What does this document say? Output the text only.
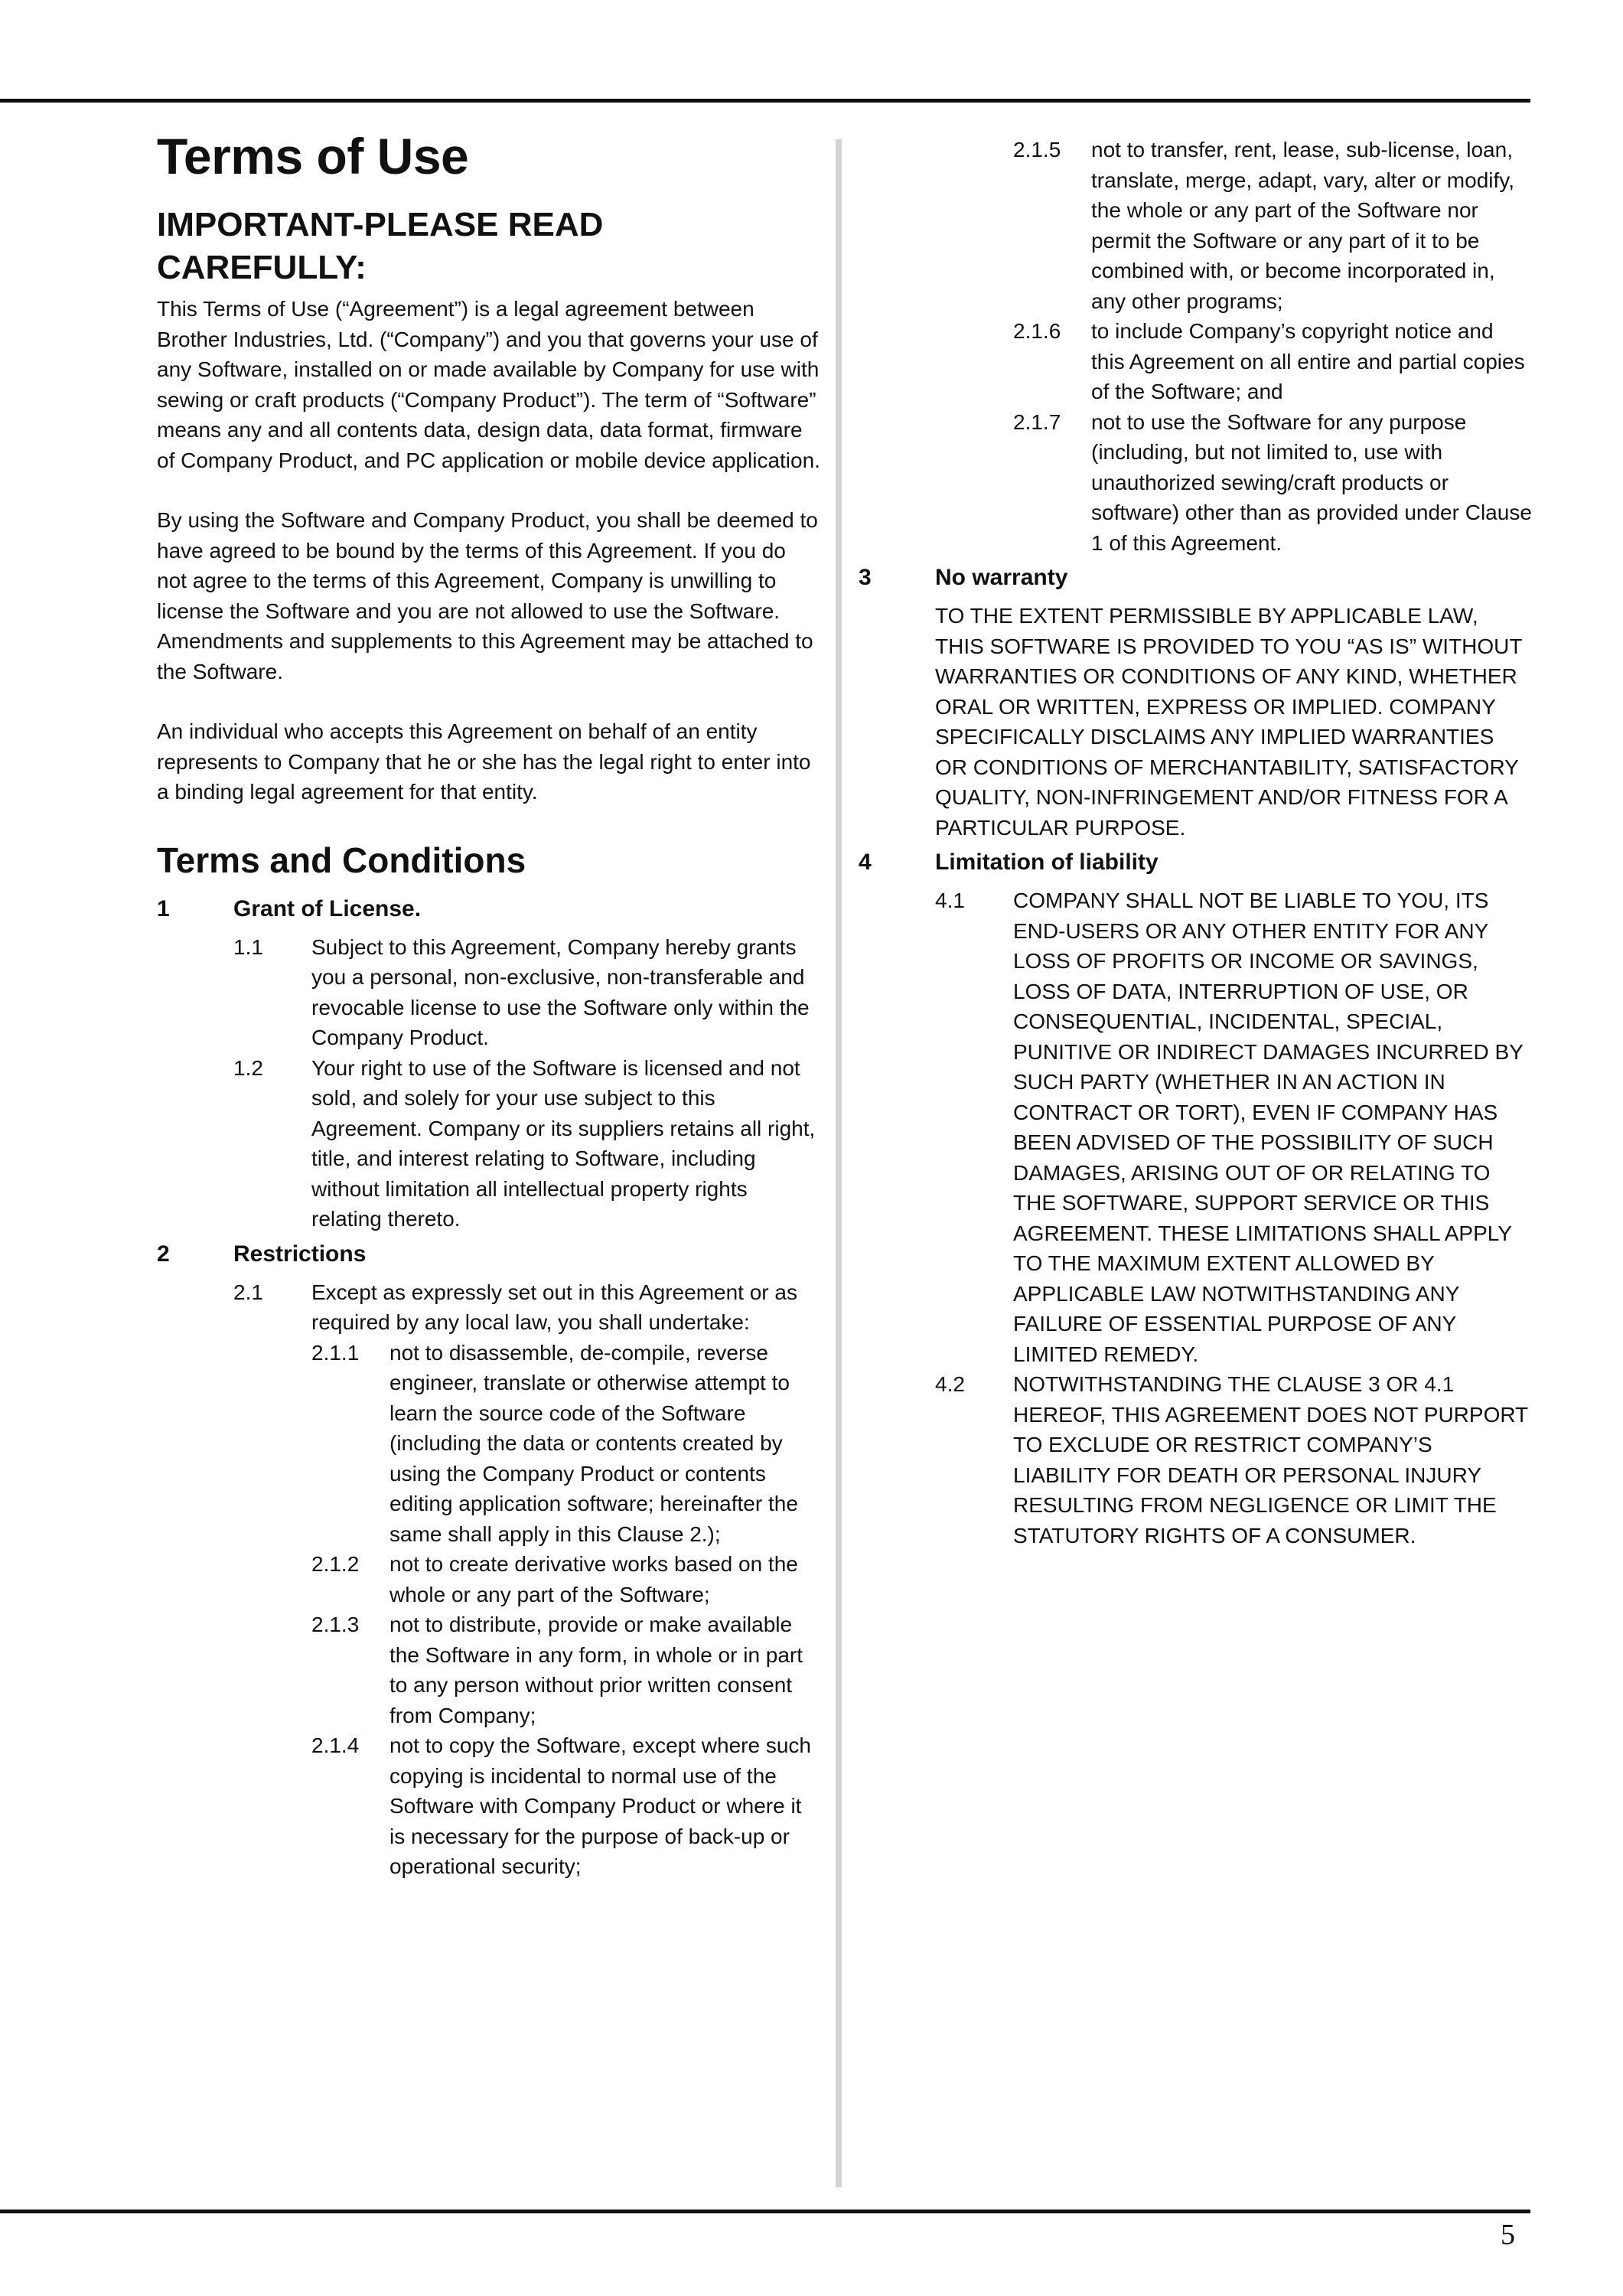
Terms of Use
IMPORTANT-PLEASE READ CAREFULLY:

This Terms of Use (“Agreement”) is a legal agreement between Brother Industries, Ltd. (“Company”) and you that governs your use of any Software, installed on or made available by Company for use with sewing or craft products (“Company Product”). The term of “Software” means any and all contents data, design data, data format, firmware of Company Product, and PC application or mobile device application.

By using the Software and Company Product, you shall be deemed to have agreed to be bound by the terms of this Agreement. If you do not agree to the terms of this Agreement, Company is unwilling to license the Software and you are not allowed to use the Software. Amendments and supplements to this Agreement may be attached to the Software.

An individual who accepts this Agreement on behalf of an entity represents to Company that he or she has the legal right to enter into a binding legal agreement for that entity.

Terms and Conditions
1	Grant of License.
1.1	Subject to this Agreement, Company hereby grants you a personal, non-exclusive, non-transferable and revocable license to use the Software only within the Company Product.
1.2	Your right to use of the Software is licensed and not sold, and solely for your use subject to this Agreement. Company or its suppliers retains all right, title, and interest relating to Software, including without limitation all intellectual property rights relating thereto.
2	Restrictions
2.1	Except as expressly set out in this Agreement or as required by any local law, you shall undertake:
2.1.1	not to disassemble, de-compile, reverse engineer, translate or otherwise attempt to learn the source code of the Software (including the data or contents created by using the Company Product or contents editing application software; hereinafter the same shall apply in this Clause 2.);
2.1.2	not to create derivative works based on the whole or any part of the Software;
2.1.3	not to distribute, provide or make available the Software in any form, in whole or in part to any person without prior written consent from Company;
2.1.4	not to copy the Software, except where such copying is incidental to normal use of the Software with Company Product or where it is necessary for the purpose of back-up or operational security;
2.1.5	not to transfer, rent, lease, sub-license, loan, translate, merge, adapt, vary, alter or modify, the whole or any part of the Software nor permit the Software or any part of it to be combined with, or become incorporated in, any other programs;
2.1.6	to include Company’s copyright notice and this Agreement on all entire and partial copies of the Software; and
2.1.7	not to use the Software for any purpose (including, but not limited to, use with unauthorized sewing/craft products or software) other than as provided under Clause 1 of this Agreement.
3	No warranty
TO THE EXTENT PERMISSIBLE BY APPLICABLE LAW, THIS SOFTWARE IS PROVIDED TO YOU “AS IS” WITHOUT WARRANTIES OR CONDITIONS OF ANY KIND, WHETHER ORAL OR WRITTEN, EXPRESS OR IMPLIED. COMPANY SPECIFICALLY DISCLAIMS ANY IMPLIED WARRANTIES OR CONDITIONS OF MERCHANTABILITY, SATISFACTORY QUALITY, NON-INFRINGEMENT AND/OR FITNESS FOR A PARTICULAR PURPOSE.
4	Limitation of liability
4.1	COMPANY SHALL NOT BE LIABLE TO YOU, ITS END-USERS OR ANY OTHER ENTITY FOR ANY LOSS OF PROFITS OR INCOME OR SAVINGS, LOSS OF DATA, INTERRUPTION OF USE, OR CONSEQUENTIAL, INCIDENTAL, SPECIAL, PUNITIVE OR INDIRECT DAMAGES INCURRED BY SUCH PARTY (WHETHER IN AN ACTION IN CONTRACT OR TORT), EVEN IF COMPANY HAS BEEN ADVISED OF THE POSSIBILITY OF SUCH DAMAGES, ARISING OUT OF OR RELATING TO THE SOFTWARE, SUPPORT SERVICE OR THIS AGREEMENT. THESE LIMITATIONS SHALL APPLY TO THE MAXIMUM EXTENT ALLOWED BY APPLICABLE LAW NOTWITHSTANDING ANY FAILURE OF ESSENTIAL PURPOSE OF ANY LIMITED REMEDY.
4.2	NOTWITHSTANDING THE CLAUSE 3 OR 4.1 HEREOF, THIS AGREEMENT DOES NOT PURPORT TO EXCLUDE OR RESTRICT COMPANY’S LIABILITY FOR DEATH OR PERSONAL INJURY RESULTING FROM NEGLIGENCE OR LIMIT THE STATUTORY RIGHTS OF A CONSUMER.
5
